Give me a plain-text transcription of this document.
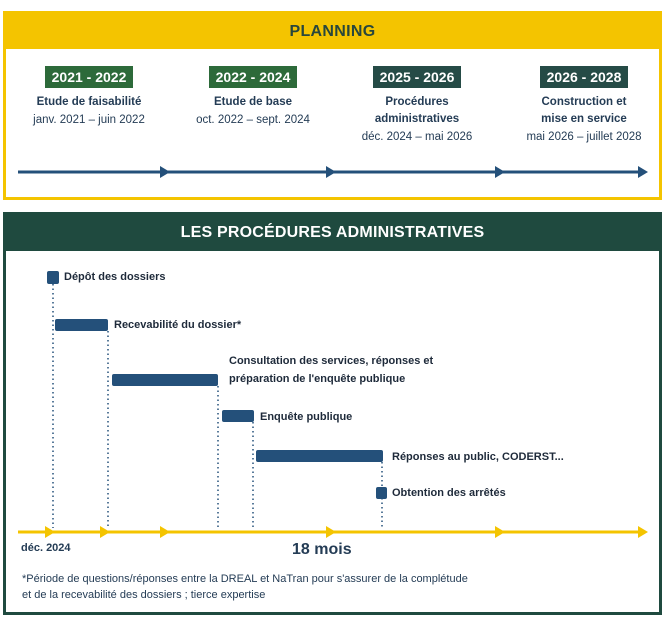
PLANNING
2021 - 2022
Etude de faisabilité
janv. 2021 – juin 2022
2022 - 2024
Etude de base
oct. 2022 – sept. 2024
2025 - 2026
Procédures
administratives
déc. 2024 – mai 2026
2026 - 2028
Construction et
mise en service
mai 2026 – juillet 2028
LES PROCÉDURES ADMINISTRATIVES
Dépôt des dossiers
Recevabilité du dossier*
Consultation des services, réponses et
préparation de l'enquête publique
Enquête publique
Réponses au public, CODERST...
Obtention des arrêtés
déc. 2024	18 mois
*Période de questions/réponses entre la DREAL et NaTran pour s'assurer de la complétude
et de la recevabilité des dossiers ; tierce expertise
